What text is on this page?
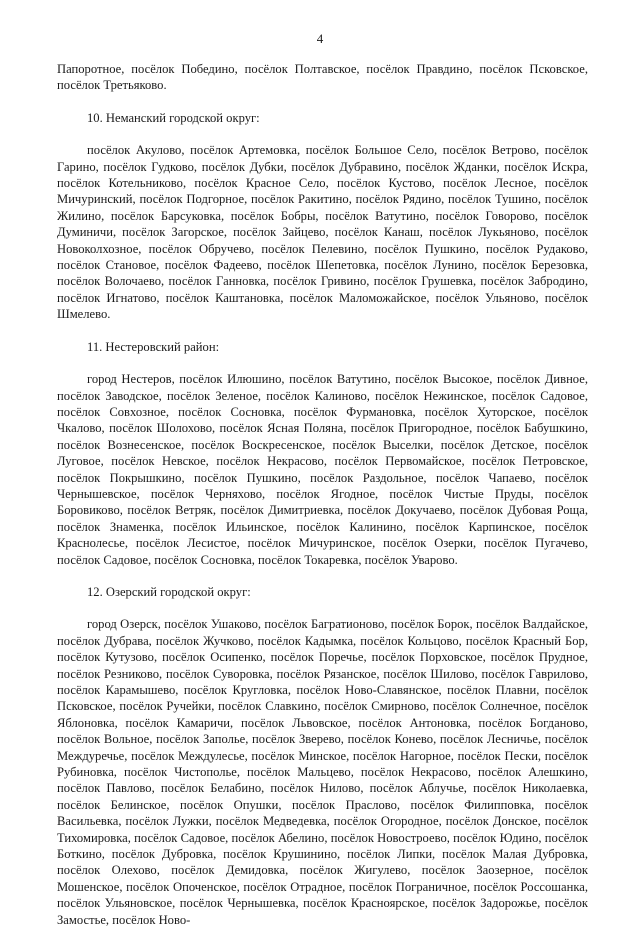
4

Папоротное, посёлок Победино, посёлок Полтавское, посёлок Правдино, посёлок Псковское, посёлок Третьяково.

10. Неманский городской округ:

посёлок Акулово, посёлок Артемовка, посёлок Большое Село, посёлок Ветрово, посёлок Гарино, посёлок Гудково, посёлок Дубки, посёлок Дубравино, посёлок Жданки, посёлок Искра, посёлок Котельниково, посёлок Красное Село, посёлок Кустово, посёлок Лесное, посёлок Мичуринский, посёлок Подгорное, посёлок Ракитино, посёлок Рядино, посёлок Тушино, посёлок Жилино, посёлок Барсуковка, посёлок Бобры, посёлок Ватутино, посёлок Говорово, посёлок Думиничи, посёлок Загорское, посёлок Зайцево, посёлок Канаш, посёлок Лукьяново, посёлок Новоколхозное, посёлок Обручево, посёлок Пелевино, посёлок Пушкино, посёлок Рудаково, посёлок Становое, посёлок Фадеево, посёлок Шепетовка, посёлок Лунино, посёлок Березовка, посёлок Волочаево, посёлок Ганновка, посёлок Гривино, посёлок Грушевка, посёлок Забродино, посёлок Игнатово, посёлок Каштановка, посёлок Маломожайское, посёлок Ульяново, посёлок Шмелево.

11. Нестеровский район:

город Нестеров, посёлок Илюшино, посёлок Ватутино, посёлок Высокое, посёлок Дивное, посёлок Заводское, посёлок Зеленое, посёлок Калиново, посёлок Нежинское, посёлок Садовое, посёлок Совхозное, посёлок Сосновка, посёлок Фурмановка, посёлок Хуторское, посёлок Чкалово, посёлок Шолохово, посёлок Ясная Поляна, посёлок Пригородное, посёлок Бабушкино, посёлок Вознесенское, посёлок Воскресенское, посёлок Выселки, посёлок Детское, посёлок Луговое, посёлок Невское, посёлок Некрасово, посёлок Первомайское, посёлок Петровское, посёлок Покрышкино, посёлок Пушкино, посёлок Раздольное, посёлок Чапаево, посёлок Чернышевское, посёлок Черняхово, посёлок Ягодное, посёлок Чистые Пруды, посёлок Боровиково, посёлок Ветряк, посёлок Димитриевка, посёлок Докучаево, посёлок Дубовая Роща, посёлок Знаменка, посёлок Ильинское, посёлок Калинино, посёлок Карпинское, посёлок Краснолесье, посёлок Лесистое, посёлок Мичуринское, посёлок Озерки, посёлок Пугачево, посёлок Садовое, посёлок Сосновка, посёлок Токаревка, посёлок Уварово.

12. Озерский городской округ:

город Озерск, посёлок Ушаково, посёлок Багратионово, посёлок Борок, посёлок Валдайское, посёлок Дубрава, посёлок Жучково, посёлок Кадымка, посёлок Кольцово, посёлок Красный Бор, посёлок Кутузово, посёлок Осипенко, посёлок Поречье, посёлок Порховское, посёлок Прудное, посёлок Резниково, посёлок Суворовка, посёлок Рязанское, посёлок Шилово, посёлок Гаврилово, посёлок Карамышево, посёлок Кругловка, посёлок Ново-Славянское, посёлок Плавни, посёлок Псковское, посёлок Ручейки, посёлок Славкино, посёлок Смирново, посёлок Солнечное, посёлок Яблоновка, посёлок Камаричи, посёлок Львовское, посёлок Антоновка, посёлок Богданово, посёлок Вольное, посёлок Заполье, посёлок Зверево, посёлок Конево, посёлок Лесничье, посёлок Междуречье, посёлок Междулесье, посёлок Минское, посёлок Нагорное, посёлок Пески, посёлок Рубиновка, посёлок Чистополье, посёлок Мальцево, посёлок Некрасово, посёлок Алешкино, посёлок Павлово, посёлок Белабино, посёлок Нилово, посёлок Аблучье, посёлок Николаевка, посёлок Белинское, посёлок Опушки, посёлок Праслово, посёлок Филипповка, посёлок Васильевка, посёлок Лужки, посёлок Медведевка, посёлок Огородное, посёлок Донское, посёлок Тихомировка, посёлок Садовое, посёлок Абелино, посёлок Новостроево, посёлок Юдино, посёлок Боткино, посёлок Дубровка, посёлок Крушинино, посёлок Липки, посёлок Малая Дубровка, посёлок Олехово, посёлок Демидовка, посёлок Жигулево, посёлок Заозерное, посёлок Мошенское, посёлок Опоченское, посёлок Отрадное, посёлок Пограничное, посёлок Россошанка, посёлок Ульяновское, посёлок Чернышевка, посёлок Красноярское, посёлок Задорожье, посёлок Замостье, посёлок Ново-
